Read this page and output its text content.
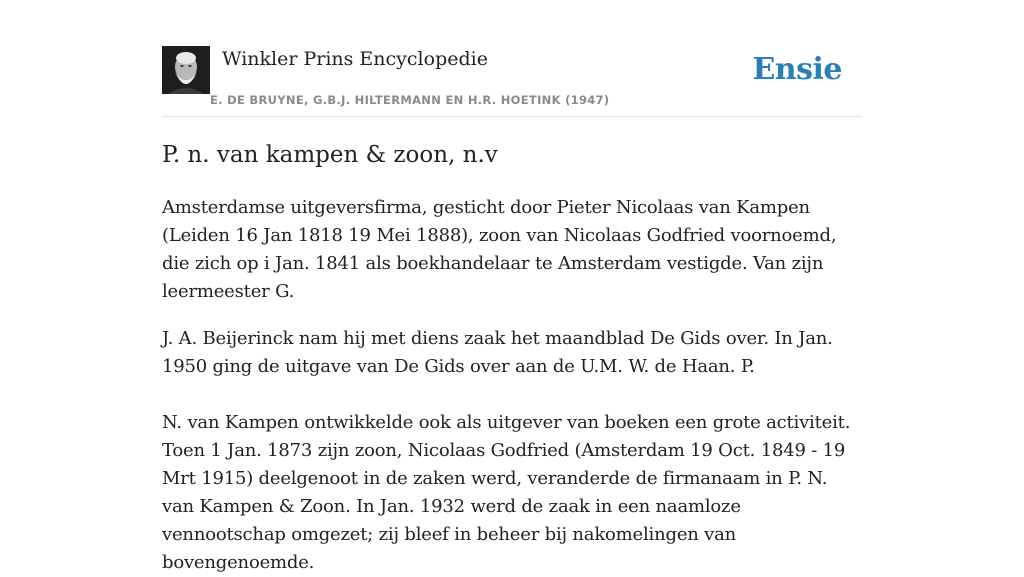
Winkler Prins Encyclopedie
E. DE BRUYNE, G.B.J. HILTERMANN EN H.R. HOETINK (1947)
Ensie
P. n. van kampen & zoon, n.v

Amsterdamse uitgeversfirma, gesticht door Pieter Nicolaas van Kampen (Leiden 16 Jan 1818 19 Mei 1888), zoon van Nicolaas Godfried voornoemd, die zich op i Jan. 1841 als boekhandelaar te Amsterdam vestigde. Van zijn leermeester G.

J. A. Beijerinck nam hij met diens zaak het maandblad De Gids over. In Jan. 1950 ging de uitgave van De Gids over aan de U.M. W. de Haan. P.

N. van Kampen ontwikkelde ook als uitgever van boeken een grote activiteit. Toen 1 Jan. 1873 zijn zoon, Nicolaas Godfried (Amsterdam 19 Oct. 1849 - 19 Mrt 1915) deelgenoot in de zaken werd, veranderde de firmanaam in P. N. van Kampen & Zoon. In Jan. 1932 werd de zaak in een naamloze vennootschap omgezet; zij bleef in beheer bij nakomelingen van bovengenoemde.
